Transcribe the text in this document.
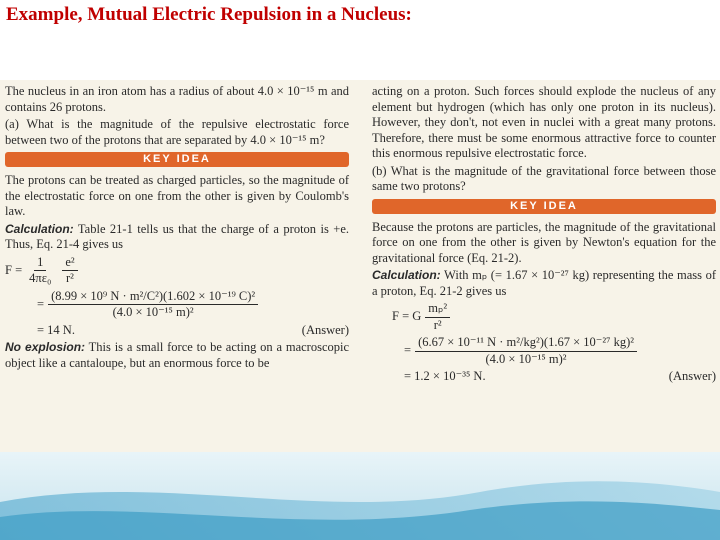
Example, Mutual Electric Repulsion in a Nucleus:

The nucleus in an iron atom has a radius of about 4.0 × 10⁻¹⁵ m and contains 26 protons.

(a) What is the magnitude of the repulsive electrostatic force between two of the protons that are separated by 4.0 × 10⁻¹⁵ m?

KEY IDEA

The protons can be treated as charged particles, so the magnitude of the electrostatic force on one from the other is given by Coulomb's law.

Calculation: Table 21-1 tells us that the charge of a proton is +e. Thus, Eq. 21-4 gives us

$F = \frac{1}{\text{4πε₀}} \frac{\text{e²}}{\text{r²}}$
= $\frac{\text{(8.99 × 10⁹ N · m²/C²)(1.602 × 10⁻¹⁹ C)²}}{\text{(4.0 × 10⁻¹⁵ m)²}}$
= 14 N.	(Answer)

No explosion: This is a small force to be acting on a macroscopic object like a cantaloupe, but an enormous force to be

acting on a proton. Such forces should explode the nucleus of any element but hydrogen (which has only one proton in its nucleus). However, they don't, not even in nuclei with a great many protons. Therefore, there must be some enormous attractive force to counter this enormous repulsive electrostatic force.

(b) What is the magnitude of the gravitational force between those same two protons?

KEY IDEA

Because the protons are particles, the magnitude of the gravitational force on one from the other is given by Newton's equation for the gravitational force (Eq. 21-2).

Calculation: With mₚ (= 1.67 × 10⁻²⁷ kg) representing the mass of a proton, Eq. 21-2 gives us

F = G $\frac{\text{mₚ²}}{\text{r²}}$
= $\frac{\text{(6.67 × 10⁻¹¹ N · m²/kg²)(1.67 × 10⁻²⁷ kg)²}}{\text{(4.0 × 10⁻¹⁵ m)²}}$
= 1.2 × 10⁻³⁵ N.	(Answer)
